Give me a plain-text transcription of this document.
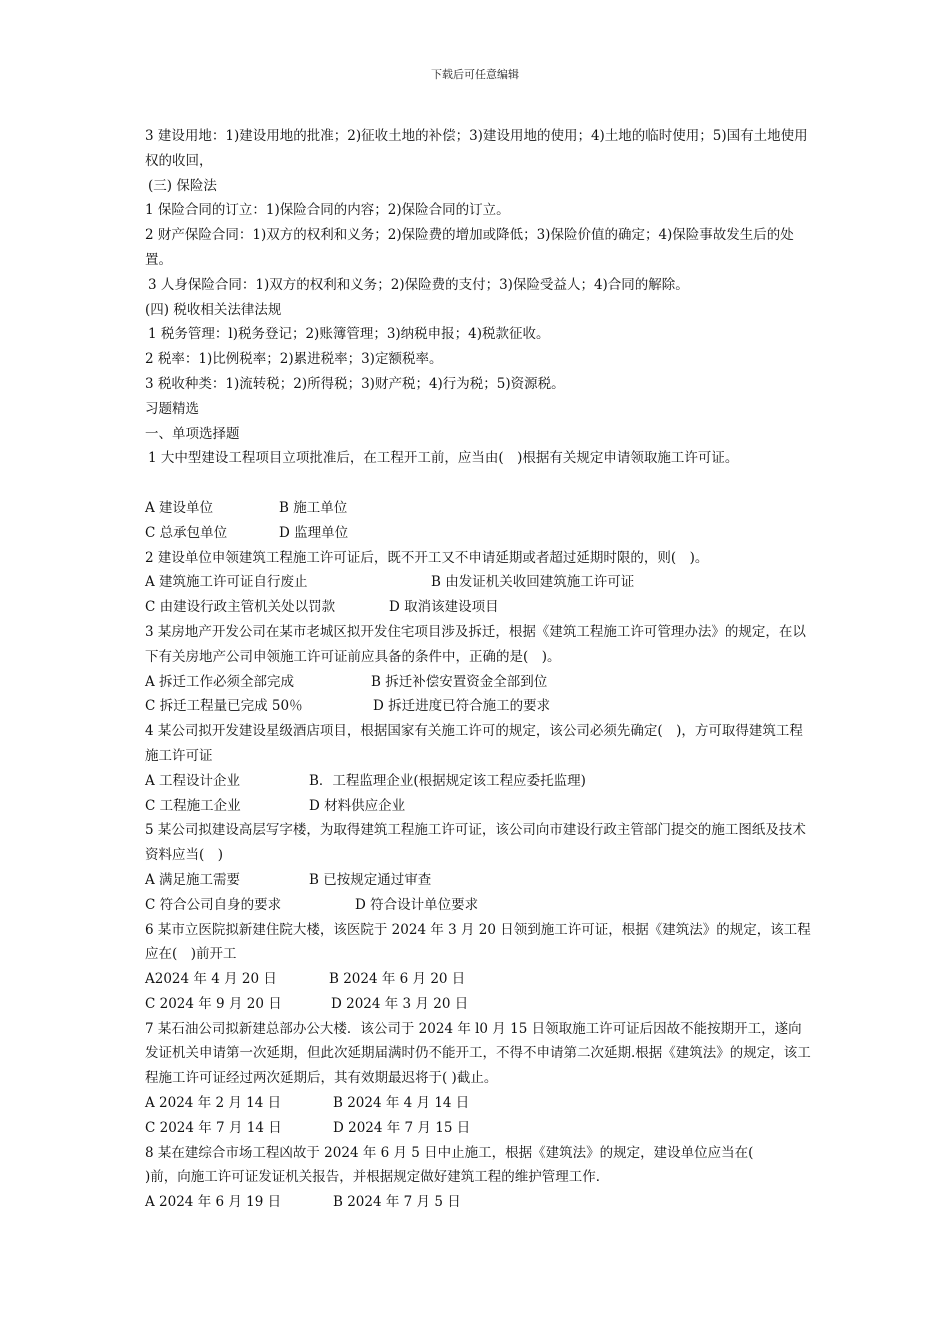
下载后可任意编辑
3 建设用地：1)建设用地的批准；2)征收土地的补偿；3)建设用地的使用；4)土地的临时使用；5)国有土地使用权的收回，
(三) 保险法
1 保险合同的订立：1)保险合同的内容；2)保险合同的订立。
2 财产保险合同：1)双方的权利和义务；2)保险费的增加或降低；3)保险价值的确定；4)保险事故发生后的处置。
3 人身保险合同：1)双方的权利和义务；2)保险费的支付；3)保险受益人；4)合同的解除。
(四) 税收相关法律法规
1 税务管理：l)税务登记；2)账簿管理；3)纳税申报；4)税款征收。
2 税率：1)比例税率；2)累进税率；3)定额税率。
3 税收种类：1)流转税；2)所得税；3)财产税；4)行为税；5)资源税。
习题精选
一、单项选择题
1 大中型建设工程项目立项批准后，在工程开工前，应当由(　)根据有关规定申请领取施工许可证。
A 建设单位	B 施工单位
C 总承包单位	D 监理单位
2 建设单位申领建筑工程施工许可证后，既不开工又不申请延期或者超过延期时限的，则(　)。
A 建筑施工许可证自行废止	B 由发证机关收回建筑施工许可证
C 由建设行政主管机关处以罚款	D 取消该建设项目
3 某房地产开发公司在某市老城区拟开发住宅项目涉及拆迁，根据《建筑工程施工许可管理办法》的规定，在以下有关房地产公司申领施工许可证前应具备的条件中，正确的是(　)。
A 拆迁工作必须全部完成	B 拆迁补偿安置资金全部到位
C 拆迁工程量已完成 50％	D 拆迁进度已符合施工的要求
4 某公司拟开发建设星级酒店项目，根据国家有关施工许可的规定，该公司必须先确定(　)，方可取得建筑工程施工许可证
A 工程设计企业	B．工程监理企业(根据规定该工程应委托监理)
C 工程施工企业	D 材料供应企业
5 某公司拟建设高层写字楼，为取得建筑工程施工许可证，该公司向市建设行政主管部门提交的施工图纸及技术资料应当(　)
A 满足施工需要	B 已按规定通过审查
C 符合公司自身的要求	D 符合设计单位要求
6 某市立医院拟新建住院大楼，该医院于 2024 年 3 月 20 日领到施工许可证，根据《建筑法》的规定，该工程应在(　)前开工
A2024 年 4 月 20 日	B 2024 年 6 月 20 日
C 2024 年 9 月 20 日	D 2024 年 3 月 20 日
7 某石油公司拟新建总部办公大楼．该公司于 2024 年 l0 月 15 日领取施工许可证后因故不能按期开工，遂向发证机关申请第一次延期，但此次延期届满时仍不能开工，不得不申请第二次延期.根据《建筑法》的规定，该工程施工许可证经过两次延期后，其有效期最迟将于( )截止。
A 2024 年 2 月 14 日	B 2024 年 4 月 14 日
C 2024 年 7 月 14 日	D 2024 年 7 月 15 日
8 某在建综合市场工程凶故于 2024 年 6 月 5 日中止施工，根据《建筑法》的规定，建设单位应当在(
)前，向施工许可证发证机关报告，并根据规定做好建筑工程的维护管理工作．
A 2024 年 6 月 19 日	B 2024 年 7 月 5 日
